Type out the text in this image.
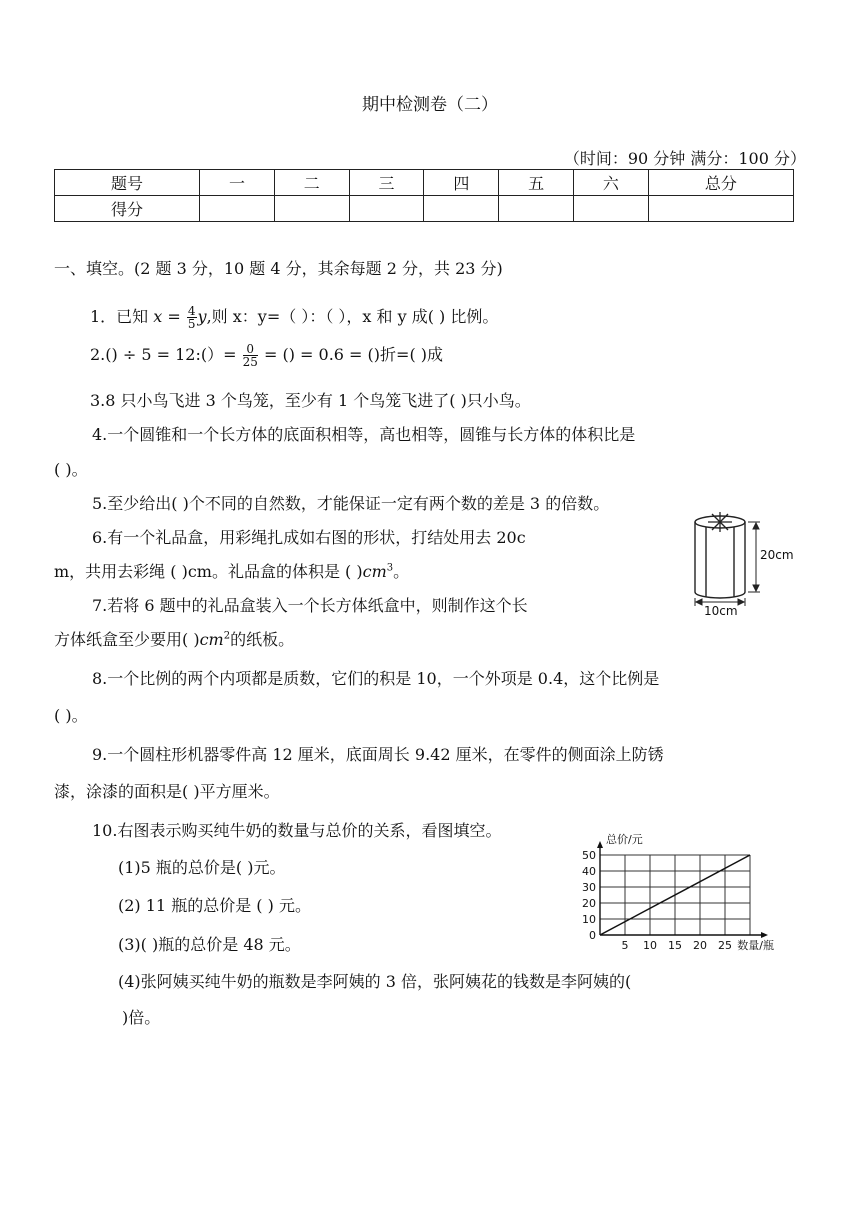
期中检测卷（二）
（时间：90 分钟 满分：100 分）
题号	一	二	三	四	五	六	总分
得分							
一、填空。(2 题 3 分，10 题 4 分，其余每题 2 分，共 23 分)
1．已知 $x = \frac{4}{5} y$,则 x：y=（ ）：（ ），x 和 y 成( ) 比例。
2.() ÷ 5 = 12:(）= $\frac{0}{25}$ = () = 0.6 = ()折=( )成
3.8 只小鸟飞进 3 个鸟笼，至少有 1 个鸟笼飞进了( )只小鸟。
4.一个圆锥和一个长方体的底面积相等，高也相等，圆锥与长方体的体积比是
( )。
5.至少给出( )个不同的自然数，才能保证一定有两个数的差是 3 的倍数。
6.有一个礼品盒，用彩绳扎成如右图的形状，打结处用去 20c
m，共用去彩绳 ( )cm。礼品盒的体积是 ( )$cm^3$。
20cm
10cm
7.若将 6 题中的礼品盒装入一个长方体纸盒中，则制作这个长
方体纸盒至少要用( )$cm^2$的纸板。
8.一个比例的两个内项都是质数，它们的积是 10，一个外项是 0.4，这个比例是
( )。
9.一个圆柱形机器零件高 12 厘米，底面周长 9.42 厘米，在零件的侧面涂上防锈
漆，涂漆的面积是( )平方厘米。
10.右图表示购买纯牛奶的数量与总价的关系，看图填空。
(1)5 瓶的总价是( )元。
(2) 11 瓶的总价是 ( ) 元。
(3)( )瓶的总价是 48 元。
(4)张阿姨买纯牛奶的瓶数是李阿姨的 3 倍，张阿姨花的钱数是李阿姨的(
)倍。
0
10
20
30
40
50
5 10 15 20 25
总价/元
数量/瓶
